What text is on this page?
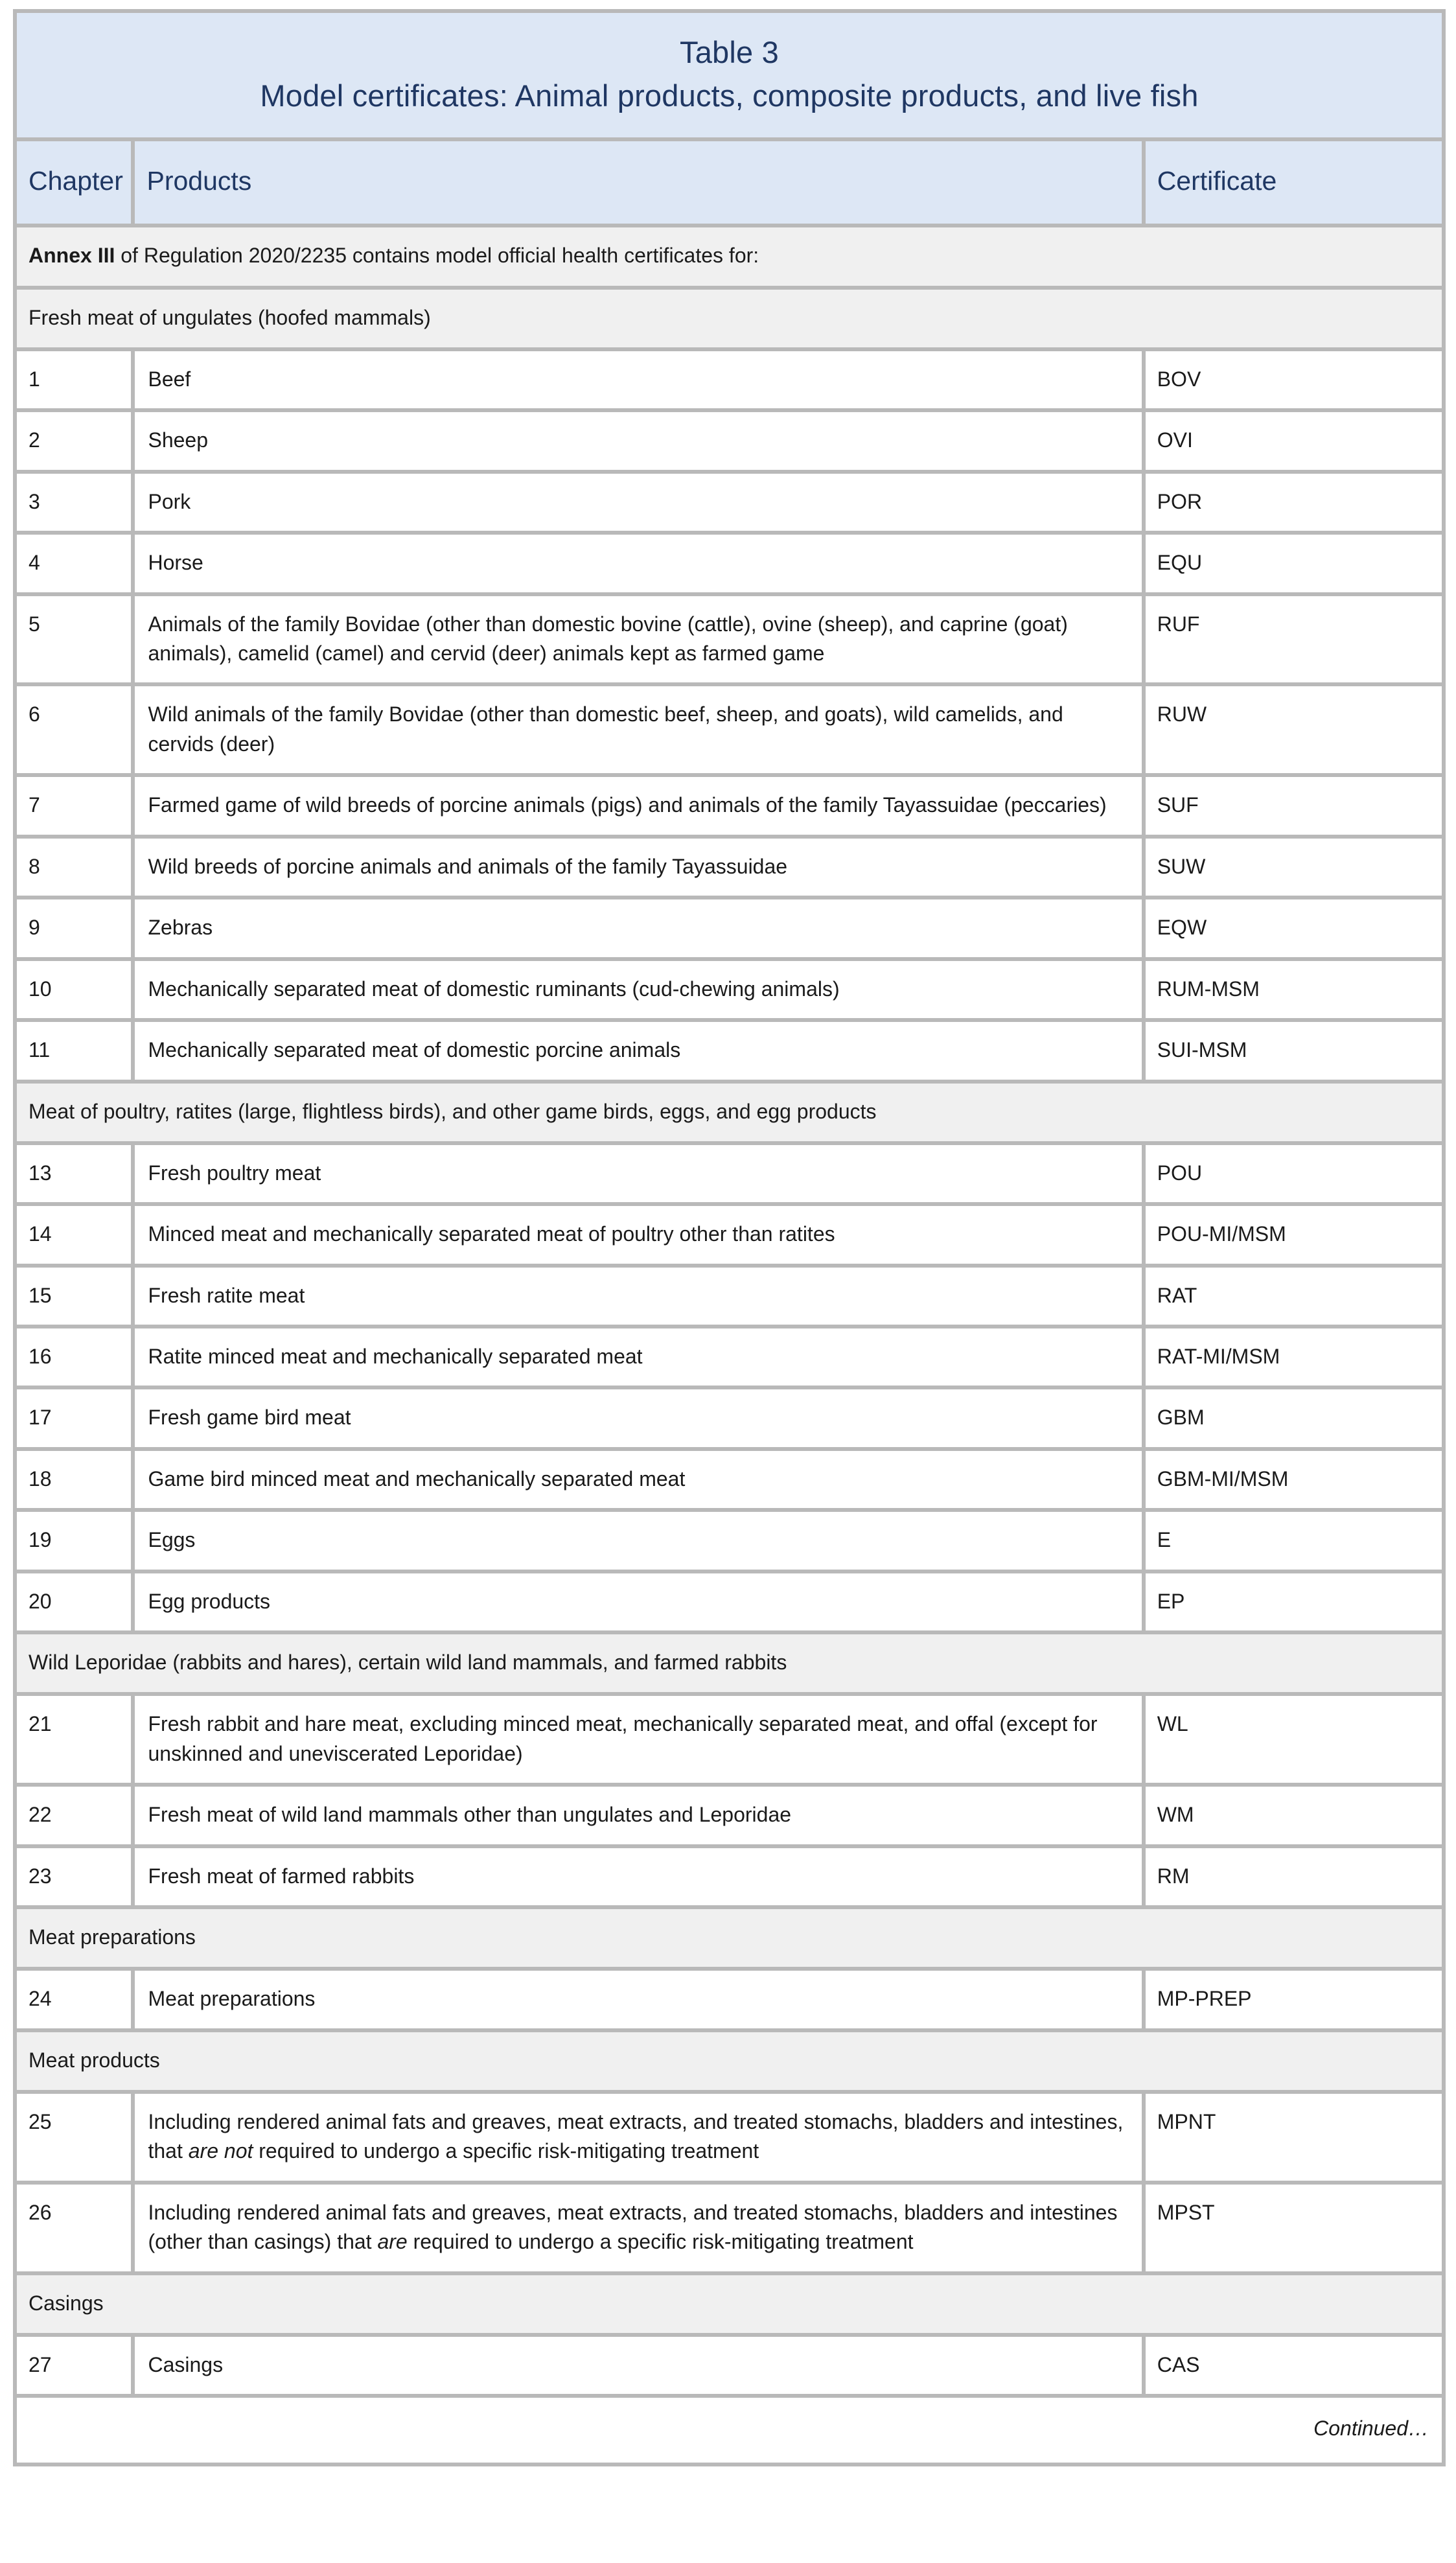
Table 3
Model certificates: Animal products, composite products, and live fish		

Chapter	Products	Certificate
Annex III of Regulation 2020/2235 contains model official health certificates for:		
Fresh meat of ungulates (hoofed mammals)		
1	Beef	BOV
2	Sheep	OVI
3	Pork	POR
4	Horse	EQU
5	Animals of the family Bovidae (other than domestic bovine (cattle), ovine (sheep), and caprine (goat) animals), camelid (camel) and cervid (deer) animals kept as farmed game	RUF
6	Wild animals of the family Bovidae (other than domestic beef, sheep, and goats), wild camelids, and cervids (deer)	RUW
7	Farmed game of wild breeds of porcine animals (pigs) and animals of the family Tayassuidae (peccaries)	SUF
8	Wild breeds of porcine animals and animals of the family Tayassuidae	SUW
9	Zebras	EQW
10	Mechanically separated meat of domestic ruminants (cud-chewing animals)	RUM-MSM
11	Mechanically separated meat of domestic porcine animals	SUI-MSM
Meat of poultry, ratites (large, flightless birds), and other game birds, eggs, and egg products		
13	Fresh poultry meat	POU
14	Minced meat and mechanically separated meat of poultry other than ratites	POU-MI/MSM
15	Fresh ratite meat	RAT
16	Ratite minced meat and mechanically separated meat	RAT-MI/MSM
17	Fresh game bird meat	GBM
18	Game bird minced meat and mechanically separated meat	GBM-MI/MSM
19	Eggs	E
20	Egg products	EP
Wild Leporidae (rabbits and hares), certain wild land mammals, and farmed rabbits		
21	Fresh rabbit and hare meat, excluding minced meat, mechanically separated meat, and offal (except for unskinned and uneviscerated Leporidae)	WL
22	Fresh meat of wild land mammals other than ungulates and Leporidae	WM
23	Fresh meat of farmed rabbits	RM
Meat preparations		
24	Meat preparations	MP-PREP
Meat products		
25	Including rendered animal fats and greaves, meat extracts, and treated stomachs, bladders and intestines, that are not required to undergo a specific risk-mitigating treatment	MPNT
26	Including rendered animal fats and greaves, meat extracts, and treated stomachs, bladders and intestines (other than casings) that are required to undergo a specific risk-mitigating treatment	MPST
Casings		
27	Casings	CAS
Continued…		
